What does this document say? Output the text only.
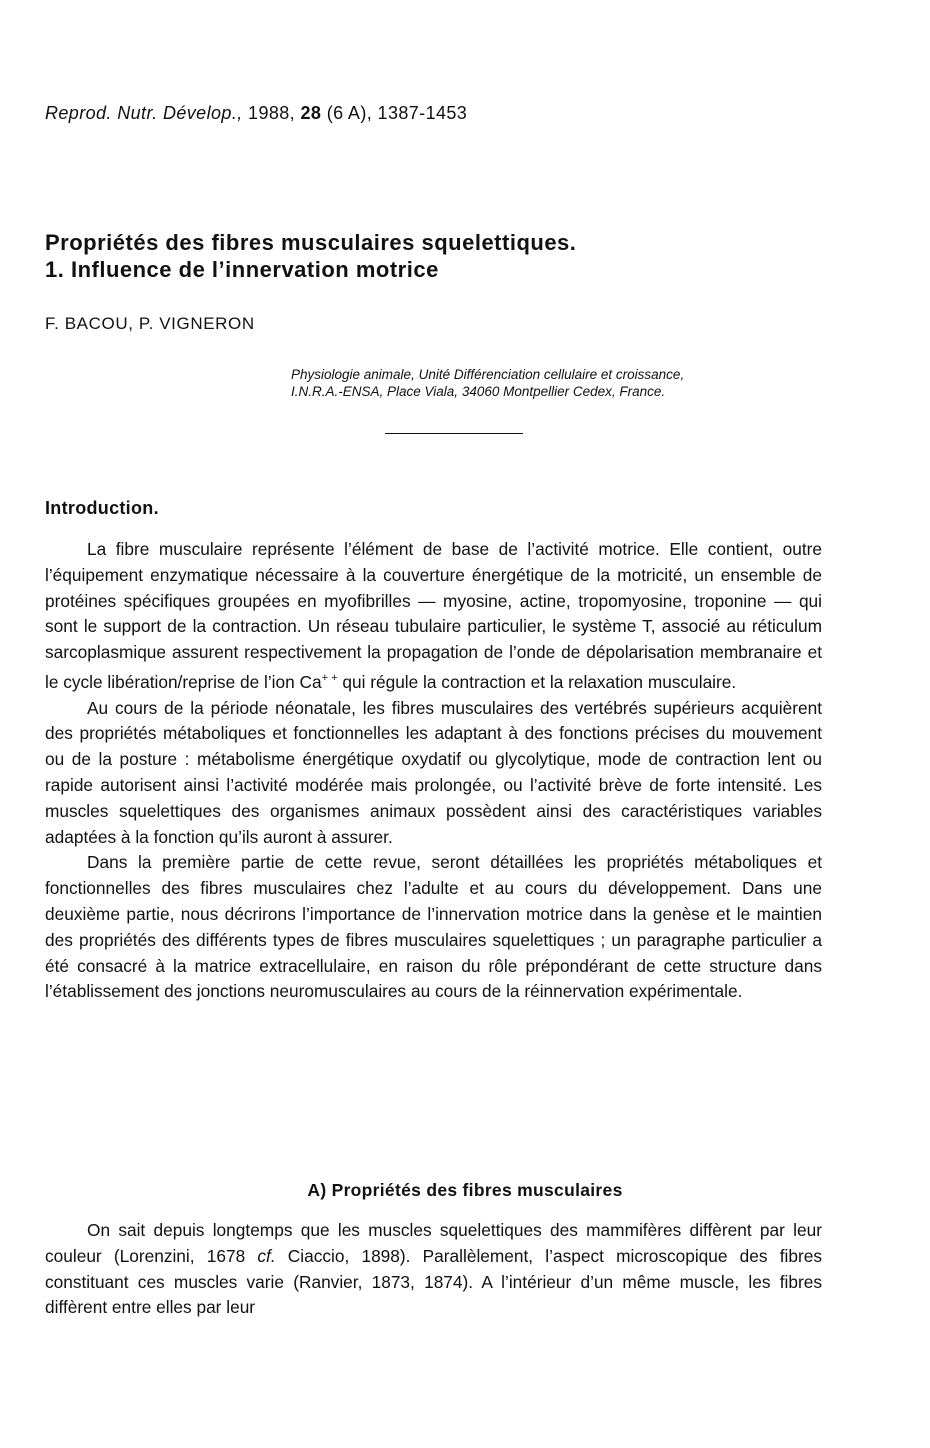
Reprod. Nutr. Dévelop., 1988, 28 (6 A), 1387-1453
Propriétés des fibres musculaires squelettiques.
1. Influence de l’innervation motrice
F. BACOU, P. VIGNERON
Physiologie animale, Unité Différenciation cellulaire et croissance,
I.N.R.A.-ENSA, Place Viala, 34060 Montpellier Cedex, France.
Introduction.

La fibre musculaire représente l’élément de base de l’activité motrice. Elle contient, outre l’équipement enzymatique nécessaire à la couverture énergétique de la motricité, un ensemble de protéines spécifiques groupées en myofibrilles — myosine, actine, tropomyosine, troponine — qui sont le support de la contraction. Un réseau tubulaire particulier, le système T, associé au réticulum sarcoplasmique assurent respectivement la propagation de l’onde de dépolarisation membranaire et le cycle libération/reprise de l’ion Ca+ + qui régule la contraction et la relaxation musculaire.

Au cours de la période néonatale, les fibres musculaires des vertébrés supérieurs acquièrent des propriétés métaboliques et fonctionnelles les adaptant à des fonctions précises du mouvement ou de la posture : métabolisme énergétique oxydatif ou glycolytique, mode de contraction lent ou rapide autorisent ainsi l’activité modérée mais prolongée, ou l’activité brève de forte intensité. Les muscles squelettiques des organismes animaux possèdent ainsi des caractéristiques variables adaptées à la fonction qu’ils auront à assurer.

Dans la première partie de cette revue, seront détaillées les propriétés métaboliques et fonctionnelles des fibres musculaires chez l’adulte et au cours du développement. Dans une deuxième partie, nous décrirons l’importance de l’innervation motrice dans la genèse et le maintien des propriétés des différents types de fibres musculaires squelettiques ; un paragraphe particulier a été consacré à la matrice extracellulaire, en raison du rôle prépondérant de cette structure dans l’établissement des jonctions neuromusculaires au cours de la réinnervation expérimentale.

A) Propriétés des fibres musculaires

On sait depuis longtemps que les muscles squelettiques des mammifères diffèrent par leur couleur (Lorenzini, 1678 cf. Ciaccio, 1898). Parallèlement, l’aspect microscopique des fibres constituant ces muscles varie (Ranvier, 1873, 1874). A l’intérieur d’un même muscle, les fibres diffèrent entre elles par leur
